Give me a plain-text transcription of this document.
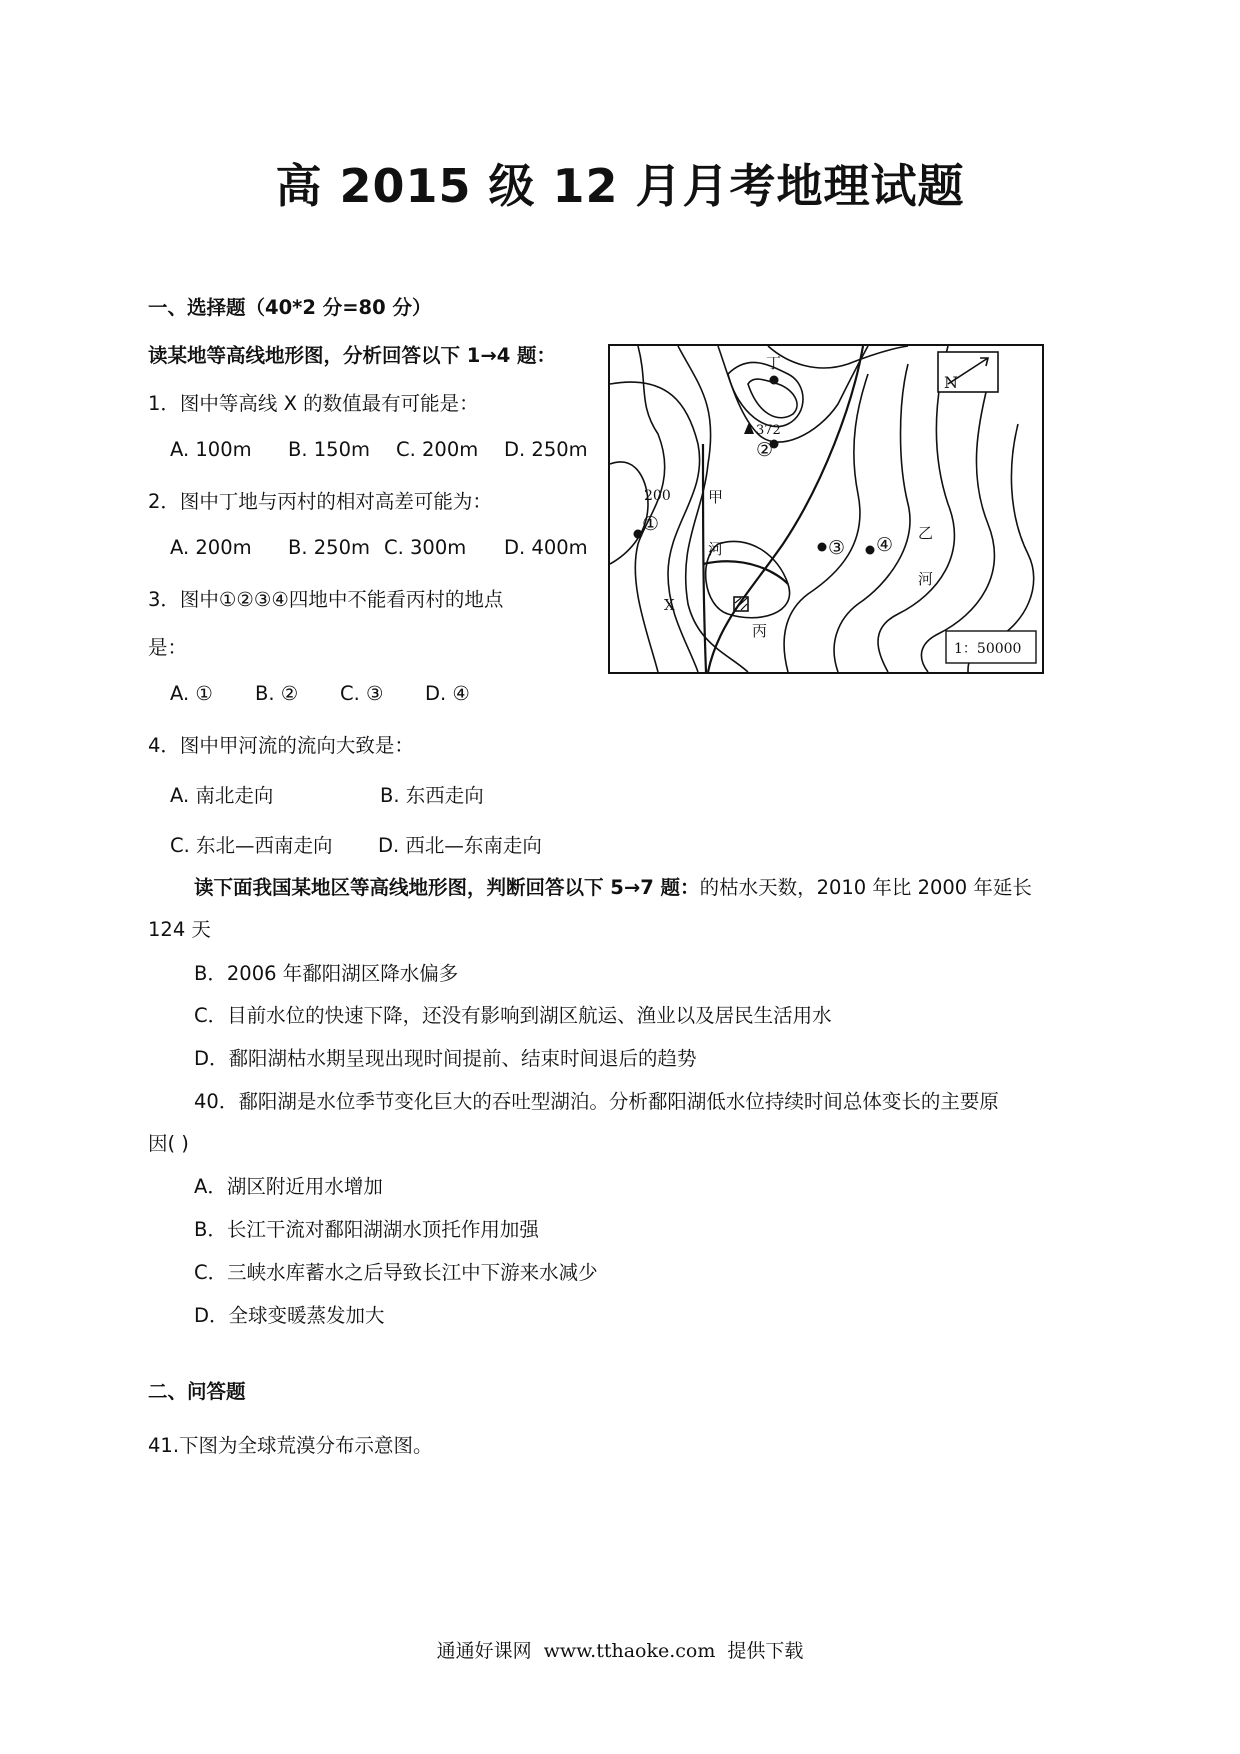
高 2015 级 12 月月考地理试题
一、选择题（40*2 分=80 分）
读某地等高线地形图，分析回答以下 1→4 题：
1．图中等高线 X 的数值最有可能是：
A. 100m B. 150m C. 200m D. 250m
2．图中丁地与丙村的相对高差可能为：
A. 200m B. 250m C. 300m D. 400m
3．图中①②③④四地中不能看丙村的地点
是：
A. ① B. ② C. ③ D. ④
4．图中甲河流的流向大致是：
A. 南北走向	B. 东西走向
C. 东北—西南走向 D. 西北—东南走向
读下面我国某地区等高线地形图，判断回答以下 5→7 题：的枯水天数，2010 年比 2000 年延长
124 天
B．2006 年鄱阳湖区降水偏多
C．目前水位的快速下降，还没有影响到湖区航运、渔业以及居民生活用水
D．鄱阳湖枯水期呈现出现时间提前、结束时间退后的趋势
40．鄱阳湖是水位季节变化巨大的吞吐型湖泊。分析鄱阳湖低水位持续时间总体变长的主要原
因( )
A．湖区附近用水增加
B．长江干流对鄱阳湖湖水顶托作用加强
C．三峡水库蓄水之后导致长江中下游来水减少
D．全球变暖蒸发加大
二、问答题
41.下图为全球荒漠分布示意图。
丁
372
②
①
③ ④
200
X
甲
河
乙
河
丙
N
1：50000
通通好课网 www.tthaoke.com 提供下载
